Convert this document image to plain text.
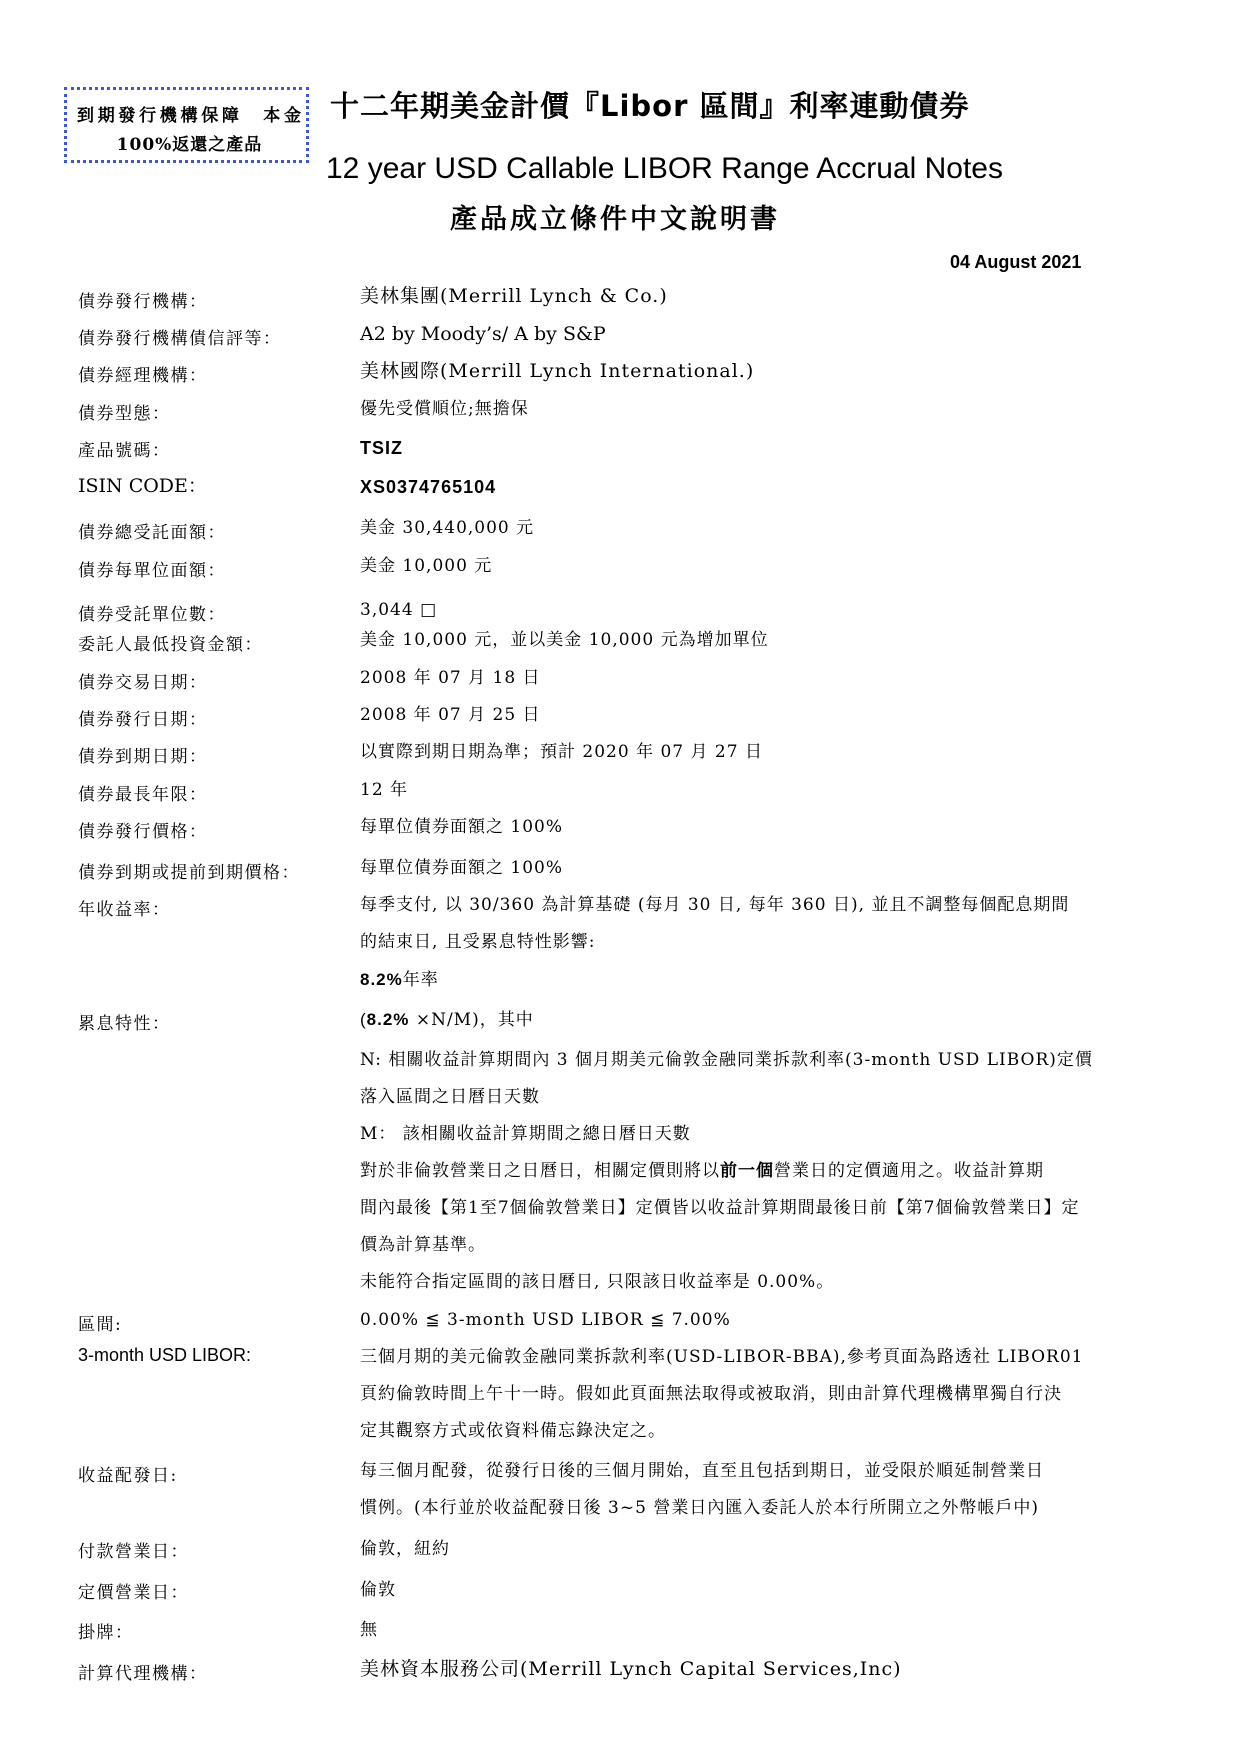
到期發行機構保障　本金100%返還之產品
十二年期美金計價『Libor 區間』利率連動債券
12 year USD Callable LIBOR Range Accrual Notes
產品成立條件中文說明書
04 August 2021
債券發行機構：	美林集團(Merrill Lynch & Co.)
債券發行機構債信評等：	A2 by Moody’s/ A by S&P
債券經理機構：	美林國際(Merrill Lynch International.)
債券型態：	優先受償順位;無擔保
產品號碼：	TSIZ
ISIN CODE：	XS0374765104
債券總受託面額：	美金 30,440,000 元
債券每單位面額：	美金 10,000 元
債券受託單位數：	3,044 □
委託人最低投資金額：	美金 10,000 元，並以美金 10,000 元為增加單位
債券交易日期：	2008 年 07 月 18 日
債券發行日期：	2008 年 07 月 25 日
債券到期日期：	以實際到期日期為準；預計 2020 年 07 月 27 日
債券最長年限：	12 年
債券發行價格：	每單位債券面額之 100%
債券到期或提前到期價格：	每單位債券面額之 100%
年收益率：	每季支付, 以 30/360 為計算基礎 (每月 30 日, 每年 360 日), 並且不調整每個配息期間
的結束日, 且受累息特性影響:
8.2%年率
累息特性：	(8.2% ×N/M)，其中
N: 相關收益計算期間內 3 個月期美元倫敦金融同業拆款利率(3-month USD LIBOR)定價
落入區間之日曆日天數
M： 該相關收益計算期間之總日曆日天數
對於非倫敦營業日之日曆日，相關定價則將以前一個營業日的定價適用之。收益計算期
間內最後【第1至7個倫敦營業日】定價皆以收益計算期間最後日前【第7個倫敦營業日】定
價為計算基準。
未能符合指定區間的該日曆日, 只限該日收益率是 0.00%。
區間:	0.00% ≦ 3-month USD LIBOR ≦ 7.00%
3-month USD LIBOR:	三個月期的美元倫敦金融同業拆款利率(USD-LIBOR-BBA),參考頁面為路透社 LIBOR01
頁約倫敦時間上午十一時。假如此頁面無法取得或被取消，則由計算代理機構單獨自行決
定其觀察方式或依資料備忘錄決定之。
收益配發日:	每三個月配發，從發行日後的三個月開始，直至且包括到期日，並受限於順延制營業日
慣例。(本行並於收益配發日後 3~5 營業日內匯入委託人於本行所開立之外幣帳戶中)
付款營業日：	倫敦，紐約
定價營業日：	倫敦
掛牌：	無
計算代理機構：	美林資本服務公司(Merrill Lynch Capital Services,Inc)
